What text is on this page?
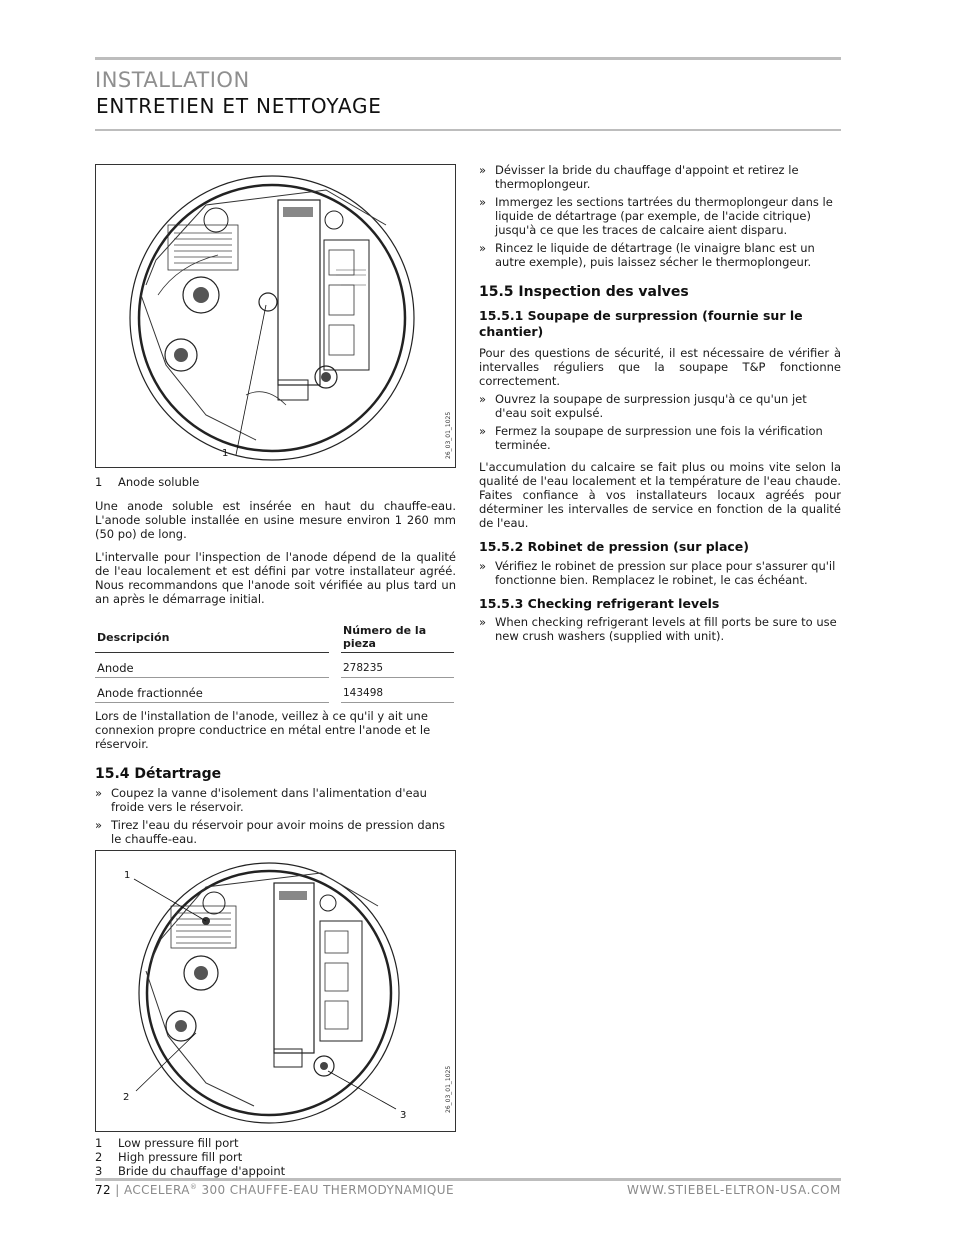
INSTALLATION
ENTRETIEN ET NETTOYAGE
1	26_03_01_1025
1	Anode soluble

Une anode soluble est insérée en haut du chauffe-eau. L'anode soluble installée en usine mesure environ 1 260 mm (50 po) de long.

L'intervalle pour l'inspection de l'anode dépend de la qualité de l'eau localement et est défini par votre installateur agréé. Nous recommandons que l'anode soit vérifiée au plus tard un an après le démarrage initial.

Descripción		Número de la pieza
Anode		278235
Anode fractionnée		143498

Lors de l'installation de l'anode, veillez à ce qu'il y ait une connexion propre conductrice en métal entre l'anode et le réservoir.

15.4 Détartrage
» Coupez la vanne d'isolement dans l'alimentation d'eau froide vers le réservoir.
» Tirez l'eau du réservoir pour avoir moins de pression dans le chauffe-eau.
1
2
3
26_03_01_1025
1	Low pressure fill port
2	High pressure fill port
3	Bride du chauffage d'appoint
» Dévisser la bride du chauffage d'appoint et retirez le thermoplongeur.
» Immergez les sections tartrées du thermoplongeur dans le liquide de détartrage (par exemple, de l'acide citrique) jusqu'à ce que les traces de calcaire aient disparu.
» Rincez le liquide de détartrage (le vinaigre blanc est un autre exemple), puis laissez sécher le thermoplongeur.
15.5 Inspection des valves
15.5.1 Soupape de surpression (fournie sur le chantier)

Pour des questions de sécurité, il est nécessaire de vérifier à intervalles réguliers que la soupape T&P fonctionne correctement.

» Ouvrez la soupape de surpression jusqu'à ce qu'un jet d'eau soit expulsé.
» Fermez la soupape de surpression une fois la vérification terminée.

L'accumulation du calcaire se fait plus ou moins vite selon la qualité de l'eau localement et la température de l'eau chaude. Faites confiance à vos installateurs locaux agréés pour déterminer les intervalles de service en fonction de la qualité de l'eau.

15.5.2 Robinet de pression (sur place)
» Vérifiez le robinet de pression sur place pour s'assurer qu'il fonctionne bien. Remplacez le robinet, le cas échéant.
15.5.3 Checking refrigerant levels
» When checking refrigerant levels at fill ports be sure to use new crush washers (supplied with unit).
72 | ACCELERA® 300 CHAUFFE-EAU THERMODYNAMIQUE	WWW.STIEBEL-ELTRON-USA.COM
